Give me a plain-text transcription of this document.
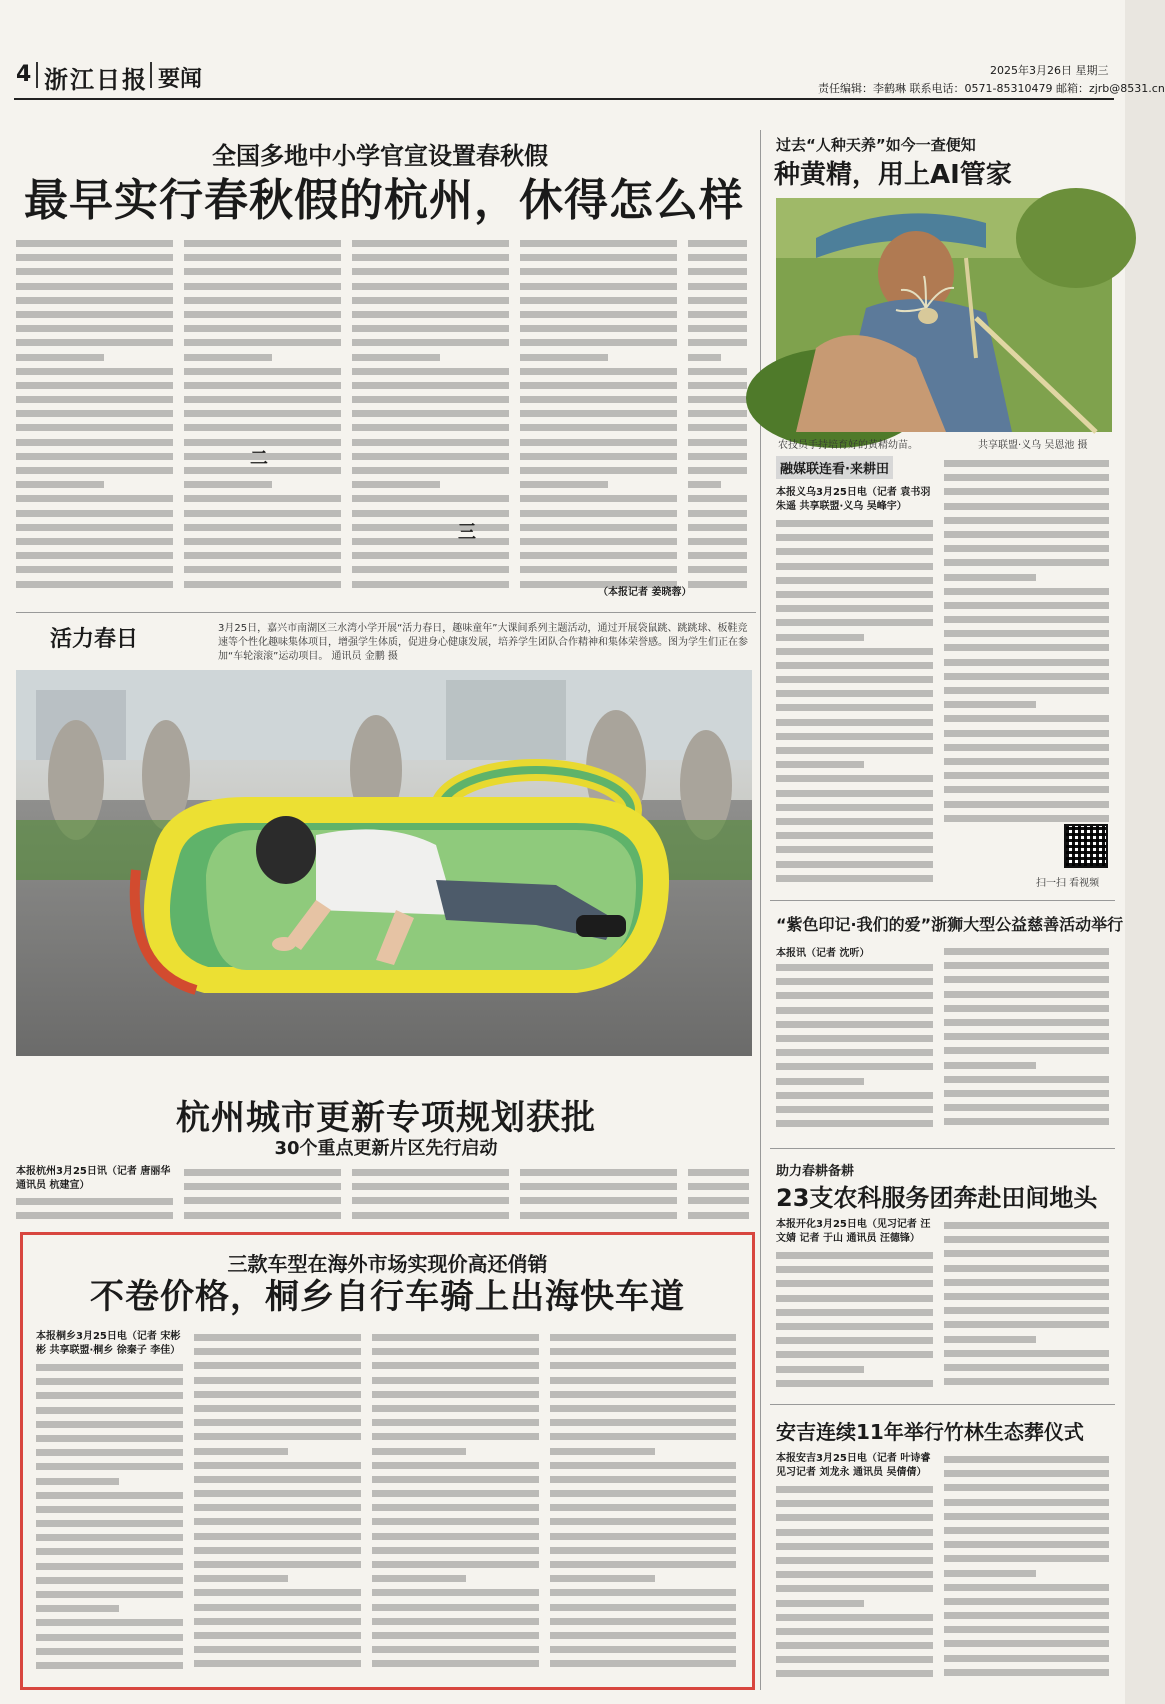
4 浙江日报 要闻	2025年3月26日 星期三
责任编辑：李鹤琳 联系电话：0571-85310479 邮箱：zjrb@8531.cn
全国多地中小学官宣设置春秋假
最早实行春秋假的杭州，休得怎么样
二
三
（本报记者 姜晓蓉）
活力春日	3月25日，嘉兴市南湖区三水湾小学开展“活力春日，趣味童年”大课间系列主题活动，通过开展袋鼠跳、跳跳球、板鞋竞速等个性化趣味集体项目，增强学生体质，促进身心健康发展，培养学生团队合作精神和集体荣誉感。图为学生们正在参加“车轮滚滚”运动项目。 通讯员 金鹏 摄
杭州城市更新专项规划获批
30个重点更新片区先行启动
本报杭州3月25日讯（记者 唐丽华 通讯员 杭建宣）
三款车型在海外市场实现价高还俏销
不卷价格，桐乡自行车骑上出海快车道
本报桐乡3月25日电（记者 宋彬彬 共享联盟·桐乡 徐秦子 李佳）
过去“人种天养”如今一查便知
种黄精，用上AI管家
农技员手持培育好的黄精幼苗。	共享联盟·义乌 吴恩池 摄
融媒联连看·来耕田
本报义乌3月25日电（记者 袁书羽 朱遥 共享联盟·义乌 吴峰宇）
扫一扫 看视频
“紫色印记·我们的爱”浙狮大型公益慈善活动举行
本报讯（记者 沈听）
助力春耕备耕
23支农科服务团奔赴田间地头
本报开化3月25日电（见习记者 汪文婧 记者 于山 通讯员 汪德锋）
安吉连续11年举行竹林生态葬仪式
本报安吉3月25日电（记者 叶诗睿 见习记者 刘龙永 通讯员 吴倩倩）
